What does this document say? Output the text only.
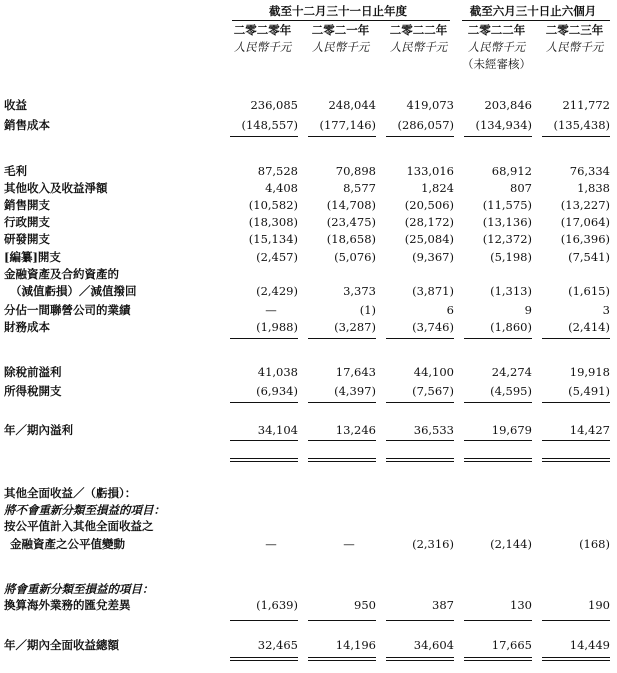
截至十二月三十一日止年度	截至六月三十日止六個月
二零二零年	二零二一年	二零二二年	二零二二年	二零二三年
人民幣千元	人民幣千元	人民幣千元	人民幣千元	人民幣千元
（未經審核）
收益	236,085	248,044	419,073	203,846	211,772
銷售成本	(148,557)	(177,146)	(286,057)	(134,934)	(135,438)
毛利	87,528	70,898	133,016	68,912	76,334
其他收入及收益淨額	4,408	8,577	1,824	807	1,838
銷售開支	(10,582)	(14,708)	(20,506)	(11,575)	(13,227)
行政開支	(18,308)	(23,475)	(28,172)	(13,136)	(17,064)
研發開支	(15,134)	(18,658)	(25,084)	(12,372)	(16,396)
[編纂]開支	(2,457)	(5,076)	(9,367)	(5,198)	(7,541)
金融資產及合約資產的
（減值虧損）／減值撥回	(2,429)	3,373	(3,871)	(1,313)	(1,615)
分佔一間聯營公司的業績	—	(1)	6	9	3
財務成本	(1,988)	(3,287)	(3,746)	(1,860)	(2,414)
除稅前溢利	41,038	17,643	44,100	24,274	19,918
所得稅開支	(6,934)	(4,397)	(7,567)	(4,595)	(5,491)
年／期內溢利	34,104	13,246	36,533	19,679	14,427
其他全面收益／（虧損）：
將不會重新分類至損益的項目：
按公平值計入其他全面收益之
金融資產之公平值變動	—	—	(2,316)	(2,144)	(168)
將會重新分類至損益的項目：
換算海外業務的匯兌差異	(1,639)	950	387	130	190
年／期內全面收益總額	32,465	14,196	34,604	17,665	14,449
